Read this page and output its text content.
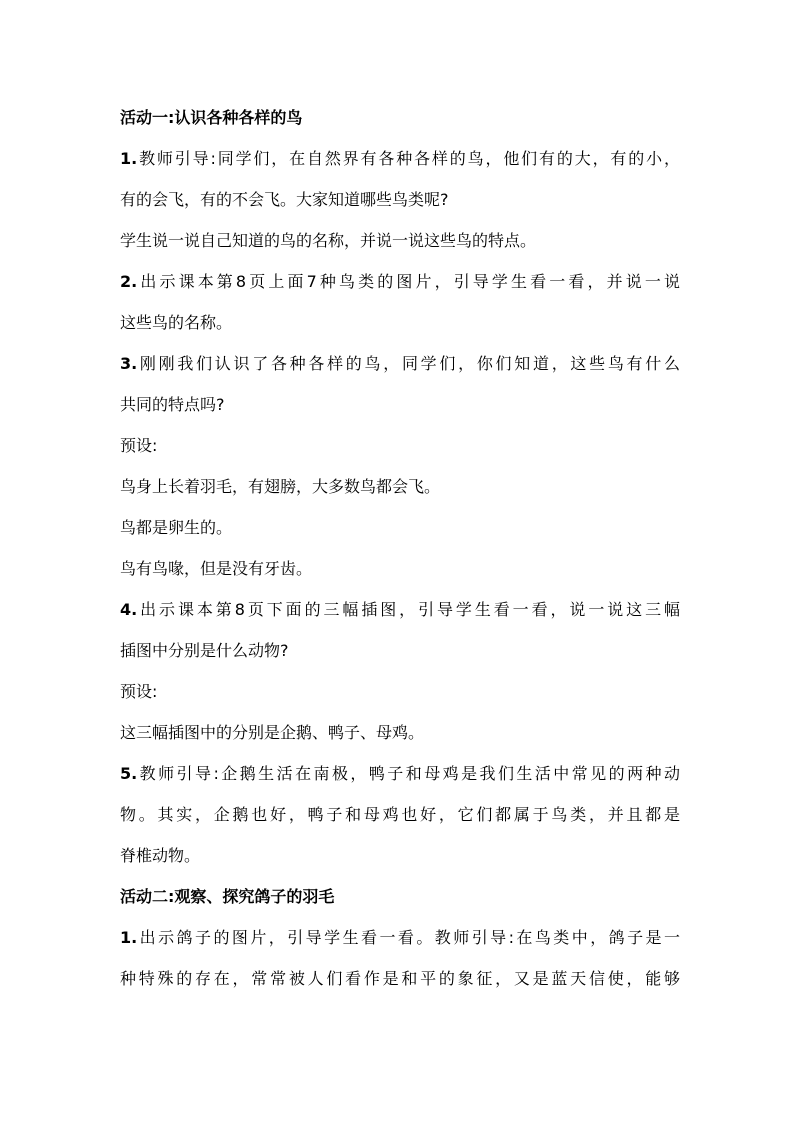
活动一:认识各种各样的鸟
1.教师引导:同学们，在自然界有各种各样的鸟，他们有的大，有的小，
有的会飞，有的不会飞。大家知道哪些鸟类呢?
学生说一说自己知道的鸟的名称，并说一说这些鸟的特点。
2.出示课本第8页上面7种鸟类的图片，引导学生看一看，并说一说
这些鸟的名称。
3.刚刚我们认识了各种各样的鸟，同学们，你们知道，这些鸟有什么
共同的特点吗?
预设:
鸟身上长着羽毛，有翅膀，大多数鸟都会飞。
鸟都是卵生的。
鸟有鸟喙，但是没有牙齿。
4.出示课本第8页下面的三幅插图，引导学生看一看，说一说这三幅
插图中分别是什么动物?
预设:
这三幅插图中的分别是企鹅、鸭子、母鸡。
5.教师引导:企鹅生活在南极，鸭子和母鸡是我们生活中常见的两种动
物。其实，企鹅也好，鸭子和母鸡也好，它们都属于鸟类，并且都是
脊椎动物。
活动二:观察、探究鸽子的羽毛
1.出示鸽子的图片，引导学生看一看。教师引导:在鸟类中，鸽子是一
种特殊的存在，常常被人们看作是和平的象征，又是蓝天信使，能够
